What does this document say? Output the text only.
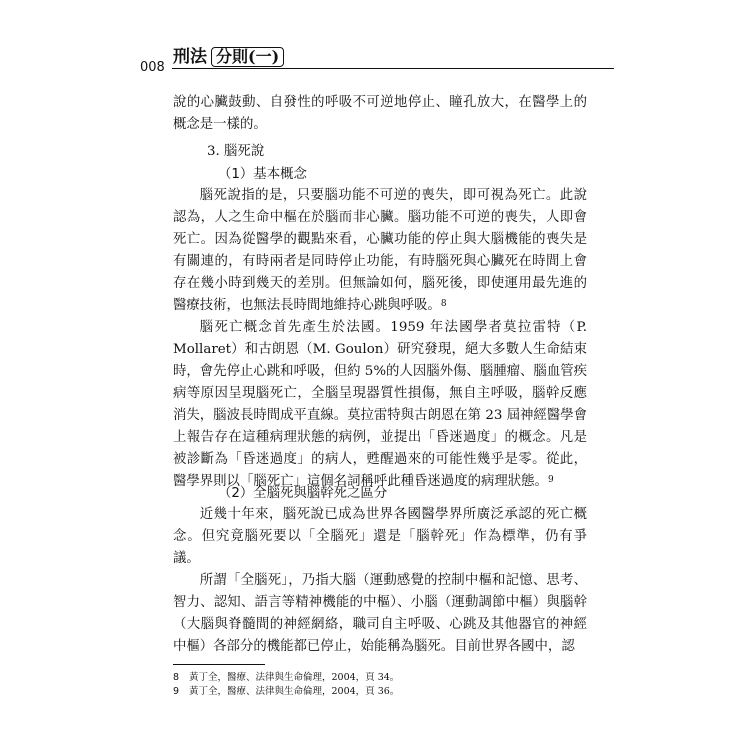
008
刑法 分則(一)

說的心臟鼓動、自發性的呼吸不可逆地停止、瞳孔放大，在醫學上的概念是一樣的。

3. 腦死說
（1）基本概念

腦死說指的是，只要腦功能不可逆的喪失，即可視為死亡。此說認為，人之生命中樞在於腦而非心臟。腦功能不可逆的喪失，人即會死亡。因為從醫學的觀點來看，心臟功能的停止與大腦機能的喪失是有關連的，有時兩者是同時停止功能，有時腦死與心臟死在時間上會存在幾小時到幾天的差別。但無論如何，腦死後，即使運用最先進的醫療技術，也無法長時間地維持心跳與呼吸。$^8$

腦死亡概念首先產生於法國。1959 年法國學者莫拉雷特（P. Mollaret）和古朗恩（M. Goulon）研究發現，絕大多數人生命結束時，會先停止心跳和呼吸，但約 5%的人因腦外傷、腦腫瘤、腦血管疾病等原因呈現腦死亡，全腦呈現器質性損傷，無自主呼吸，腦幹反應消失，腦波長時間成平直線。莫拉雷特與古朗恩在第 23 屆神經醫學會上報告存在這種病理狀態的病例，並提出「昏迷過度」的概念。凡是被診斷為「昏迷過度」的病人，甦醒過來的可能性幾乎是零。從此，醫學界則以「腦死亡」這個名詞稱呼此種昏迷過度的病理狀態。$^9$

（2）全腦死與腦幹死之區分

近幾十年來，腦死說已成為世界各國醫學界所廣泛承認的死亡概念。但究竟腦死要以「全腦死」還是「腦幹死」作為標準，仍有爭議。

所謂「全腦死」，乃指大腦（運動感覺的控制中樞和記憶、思考、智力、認知、語言等精神機能的中樞）、小腦（運動調節中樞）與腦幹（大腦與脊髓間的神經網絡，職司自主呼吸、心跳及其他器官的神經中樞）各部分的機能都已停止，始能稱為腦死。目前世界各國中，認

8 黃丁全，醫療、法律與生命倫理，2004，頁 34。
9 黃丁全，醫療、法律與生命倫理，2004，頁 36。
